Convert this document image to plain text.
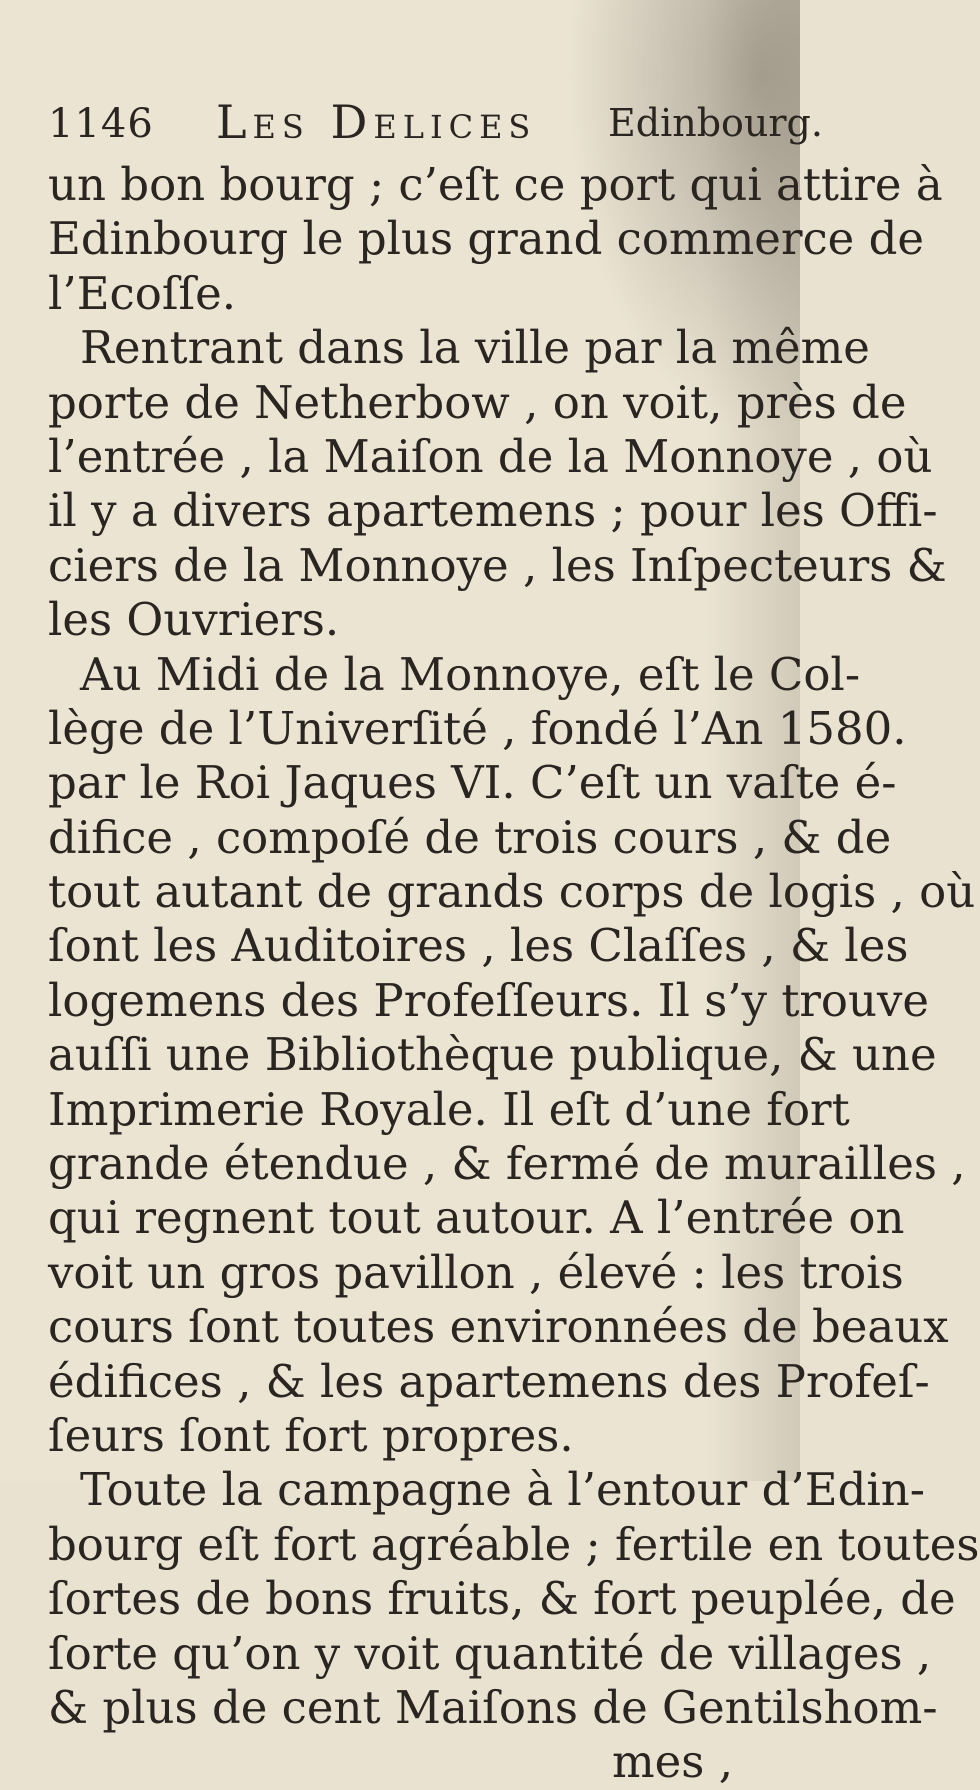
1146 Les Delices Edinbourg.
un bon bourg ; c’eſt ce port qui attire à
Edinbourg le plus grand commerce de
l’Ecoſſe.
Rentrant dans la ville par la même
porte de Netherbow , on voit, près de
l’entrée , la Maiſon de la Monnoye , où
il y a divers apartemens ; pour les Offi-
ciers de la Monnoye , les Inſpecteurs &
les Ouvriers.
Au Midi de la Monnoye, eſt le Col-
lège de l’Univerſité , fondé l’An 1580.
par le Roi Jaques VI. C’eſt un vaſte é-
difice , compoſé de trois cours , & de
tout autant de grands corps de logis , où
ſont les Auditoires , les Claſſes , & les
logemens des Profeſſeurs. Il s’y trouve
auſſi une Bibliothèque publique, & une
Imprimerie Royale. Il eſt d’une fort
grande étendue , & fermé de murailles ,
qui regnent tout autour. A l’entrée on
voit un gros pavillon , élevé : les trois
cours ſont toutes environnées de beaux
édifices , & les apartemens des Profeſ-
ſeurs ſont fort propres.
Toute la campagne à l’entour d’Edin-
bourg eſt fort agréable ; fertile en toutes
ſortes de bons fruits, & fort peuplée, de
ſorte qu’on y voit quantité de villages ,
& plus de cent Maiſons de Gentilshom-
mes ,
